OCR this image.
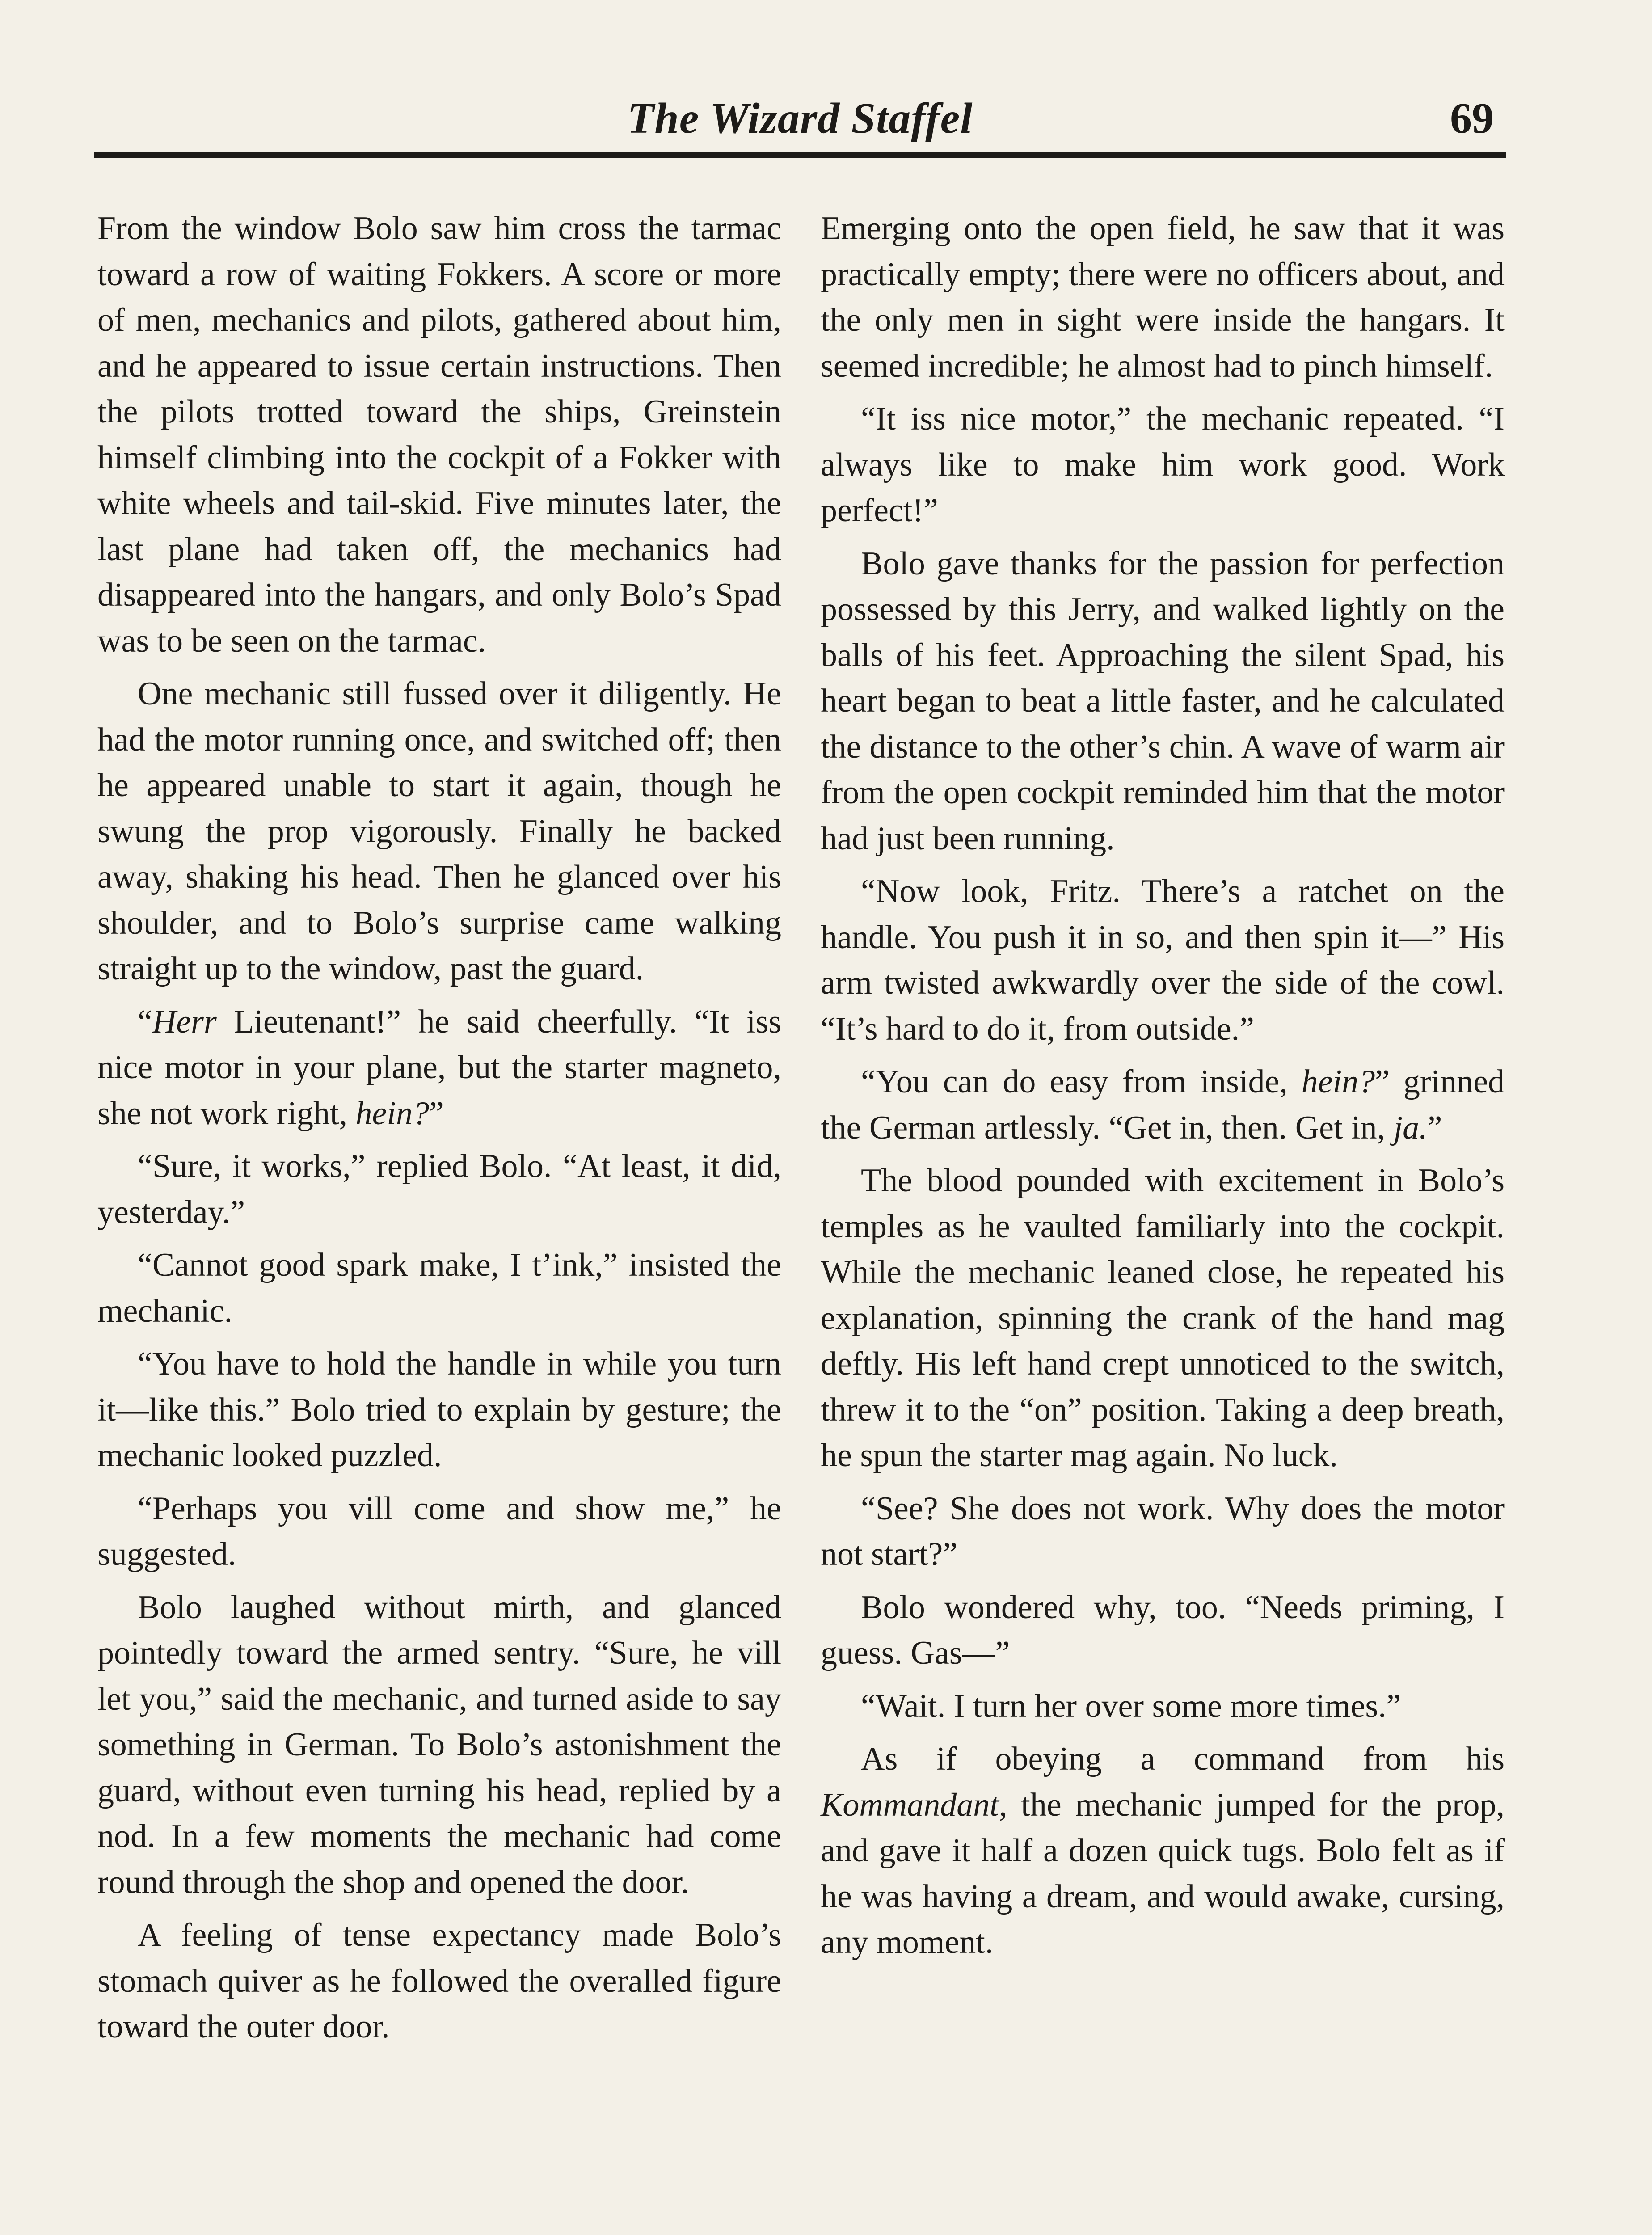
The Wizard Staffel	69

From the window Bolo saw him cross the tarmac toward a row of waiting Fokkers. A score or more of men, mechanics and pilots, gathered about him, and he appeared to issue certain instructions. Then the pilots trotted toward the ships, Greinstein himself climbing into the cockpit of a Fokker with white wheels and tail-skid. Five minutes later, the last plane had taken off, the mechanics had disappeared into the hangars, and only Bolo’s Spad was to be seen on the tarmac.

One mechanic still fussed over it diligently. He had the motor running once, and switched off; then he appeared unable to start it again, though he swung the prop vigorously. Finally he backed away, shaking his head. Then he glanced over his shoulder, and to Bolo’s surprise came walking straight up to the window, past the guard.

“Herr Lieutenant!” he said cheerfully. “It iss nice motor in your plane, but the starter magneto, she not work right, hein?”

“Sure, it works,” replied Bolo. “At least, it did, yesterday.”

“Cannot good spark make, I t’ink,” insisted the mechanic.

“You have to hold the handle in while you turn it—like this.” Bolo tried to explain by gesture; the mechanic looked puzzled.

“Perhaps you vill come and show me,” he suggested.

Bolo laughed without mirth, and glanced pointedly toward the armed sentry. “Sure, he vill let you,” said the mechanic, and turned aside to say something in German. To Bolo’s astonishment the guard, without even turning his head, replied by a nod. In a few moments the mechanic had come round through the shop and opened the door.

A feeling of tense expectancy made Bolo’s stomach quiver as he followed the overalled figure toward the outer door.

Emerging onto the open field, he saw that it was practically empty; there were no officers about, and the only men in sight were inside the hangars. It seemed incredible; he almost had to pinch himself.

“It iss nice motor,” the mechanic repeated. “I always like to make him work good. Work perfect!”

Bolo gave thanks for the passion for perfection possessed by this Jerry, and walked lightly on the balls of his feet. Approaching the silent Spad, his heart began to beat a little faster, and he calculated the distance to the other’s chin. A wave of warm air from the open cockpit reminded him that the motor had just been running.

“Now look, Fritz. There’s a ratchet on the handle. You push it in so, and then spin it—” His arm twisted awkwardly over the side of the cowl. “It’s hard to do it, from outside.”

“You can do easy from inside, hein?” grinned the German artlessly. “Get in, then. Get in, ja.”

The blood pounded with excitement in Bolo’s temples as he vaulted familiarly into the cockpit. While the mechanic leaned close, he repeated his explanation, spinning the crank of the hand mag deftly. His left hand crept unnoticed to the switch, threw it to the “on” position. Taking a deep breath, he spun the starter mag again. No luck.

“See? She does not work. Why does the motor not start?”

Bolo wondered why, too. “Needs priming, I guess. Gas—”

“Wait. I turn her over some more times.”

As if obeying a command from his Kommandant, the mechanic jumped for the prop, and gave it half a dozen quick tugs. Bolo felt as if he was having a dream, and would awake, cursing, any moment.
